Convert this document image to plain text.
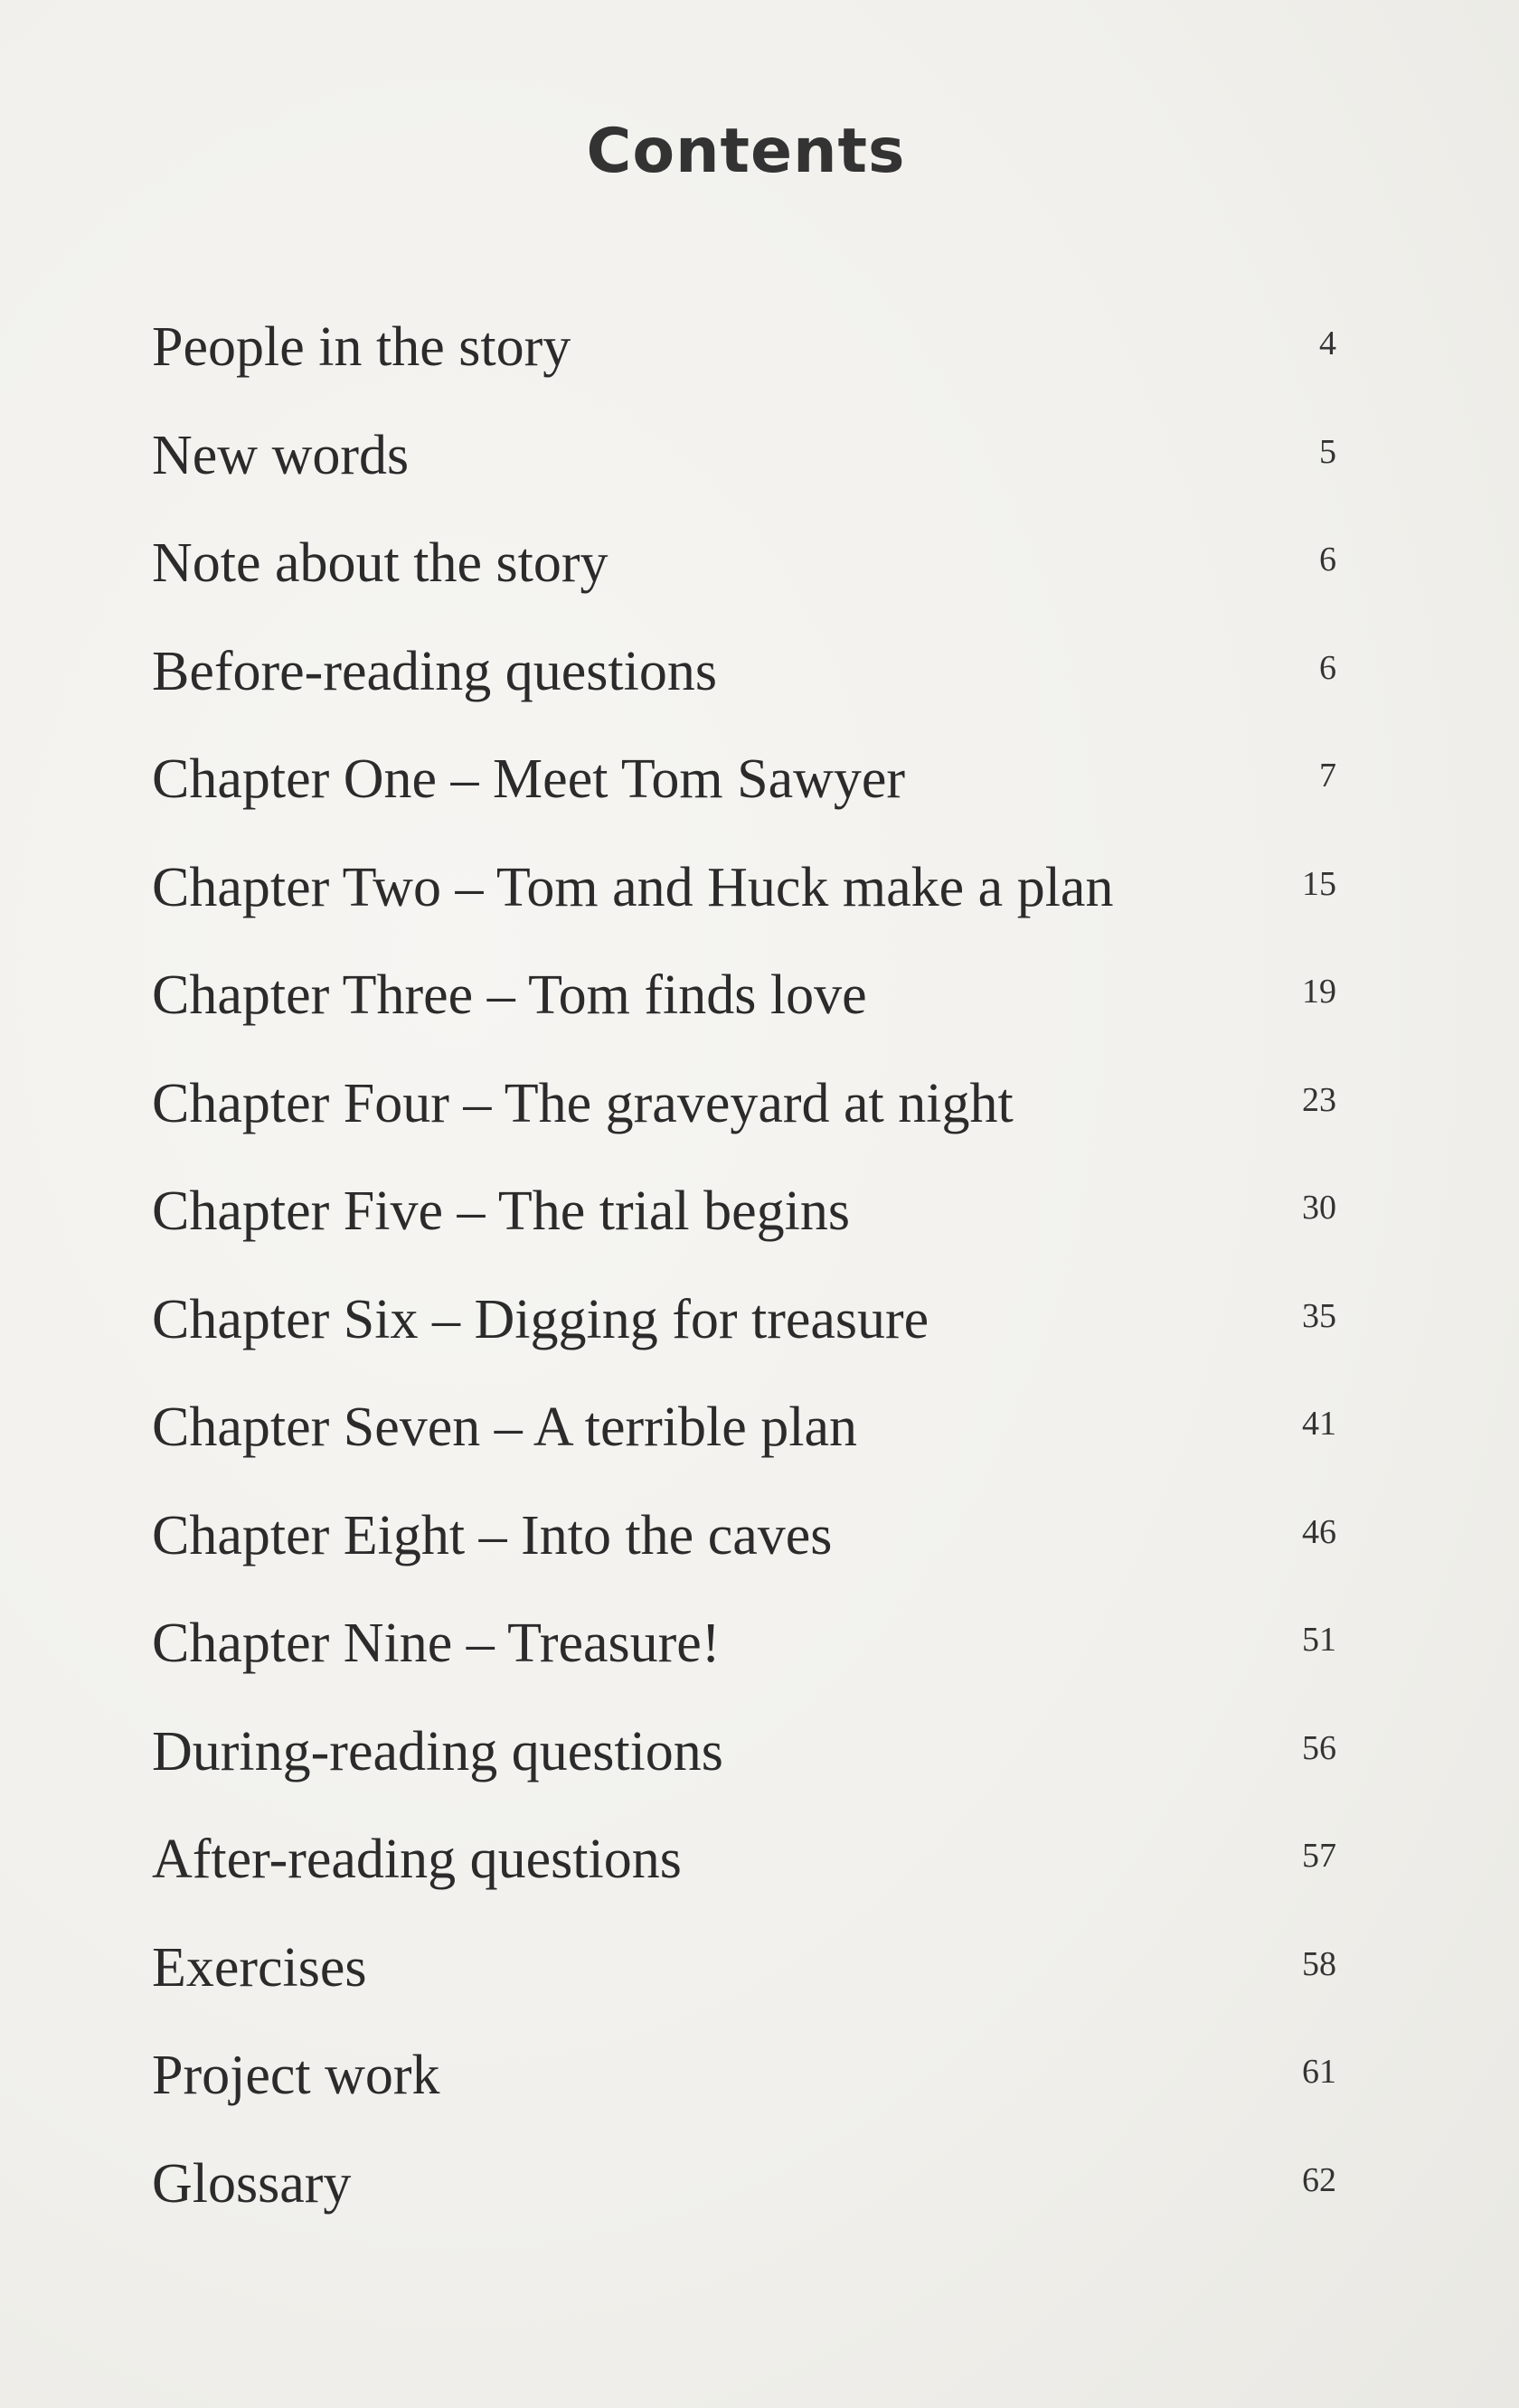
Contents
People in the story	4
New words	5
Note about the story	6
Before-reading questions	6
Chapter One – Meet Tom Sawyer	7
Chapter Two – Tom and Huck make a plan	15
Chapter Three – Tom finds love	19
Chapter Four – The graveyard at night	23
Chapter Five – The trial begins	30
Chapter Six – Digging for treasure	35
Chapter Seven – A terrible plan	41
Chapter Eight – Into the caves	46
Chapter Nine – Treasure!	51
During-reading questions	56
After-reading questions	57
Exercises	58
Project work	61
Glossary	62
